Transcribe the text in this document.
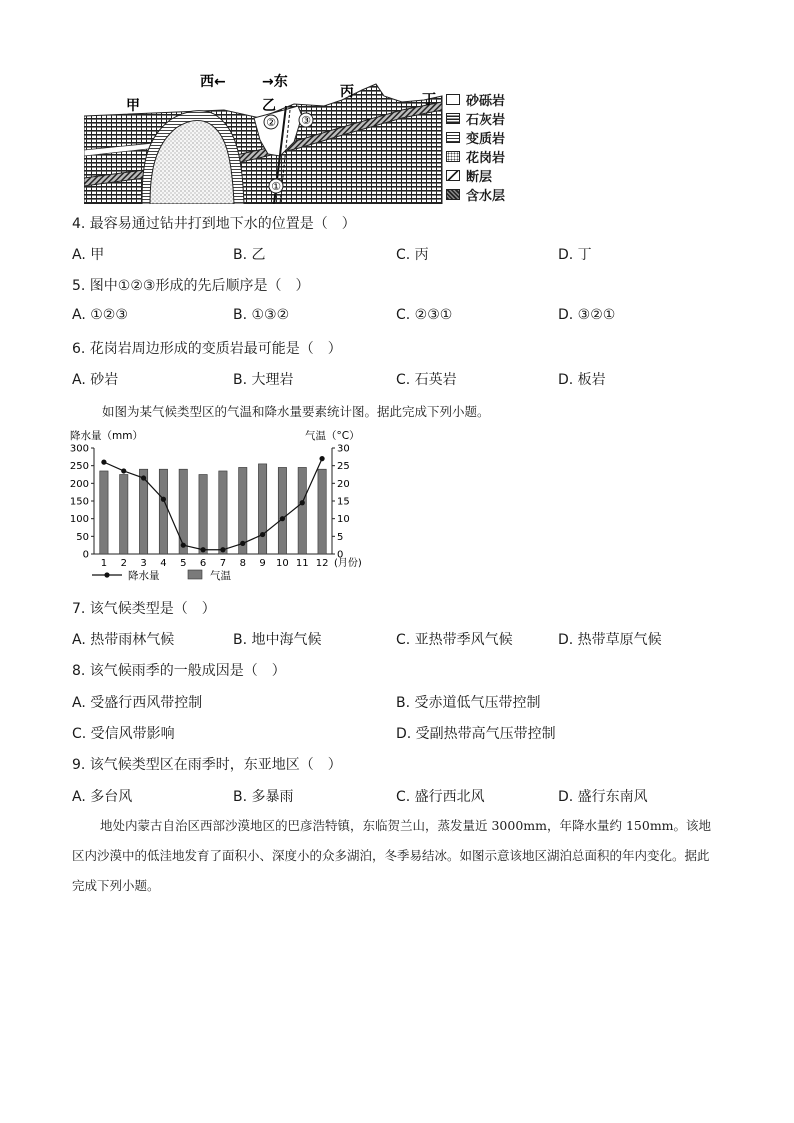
② ③
①
甲	乙
丙	丁
西←	→东
砂砾岩
石灰岩
变质岩
花岗岩
断层
含水层
4. 最容易通过钻井打到地下水的位置是（　）
A. 甲	B. 乙	C. 丙	D. 丁
5. 图中①②③形成的先后顺序是（　）
A. ①②③	B. ①③②	C. ②③①	D. ③②①
6. 花岗岩周边形成的变质岩最可能是（　）
A. 砂岩	B. 大理岩	C. 石英岩	D. 板岩
如图为某气候类型区的气温和降水量要素统计图。据此完成下列小题。
降水量（mm）	气温（°C）
0
50
100
150
200
250
300
0
5
10
15
20
25
30
1 2 3 4 5 6 7 8 9 10 11 12 (月份)
降水量	气温
7. 该气候类型是（　）
A. 热带雨林气候	B. 地中海气候	C. 亚热带季风气候	D. 热带草原气候
8. 该气候雨季的一般成因是（　）
A. 受盛行西风带控制	B. 受赤道低气压带控制
C. 受信风带影响	D. 受副热带高气压带控制
9. 该气候类型区在雨季时，东亚地区（　）
A. 多台风	B. 多暴雨	C. 盛行西北风	D. 盛行东南风
地处内蒙古自治区西部沙漠地区的巴彦浩特镇，东临贺兰山，蒸发量近 3000mm，年降水量约 150mm。该地区内沙漠中的低洼地发育了面积小、深度小的众多湖泊，冬季易结冰。如图示意该地区湖泊总面积的年内变化。据此完成下列小题。
